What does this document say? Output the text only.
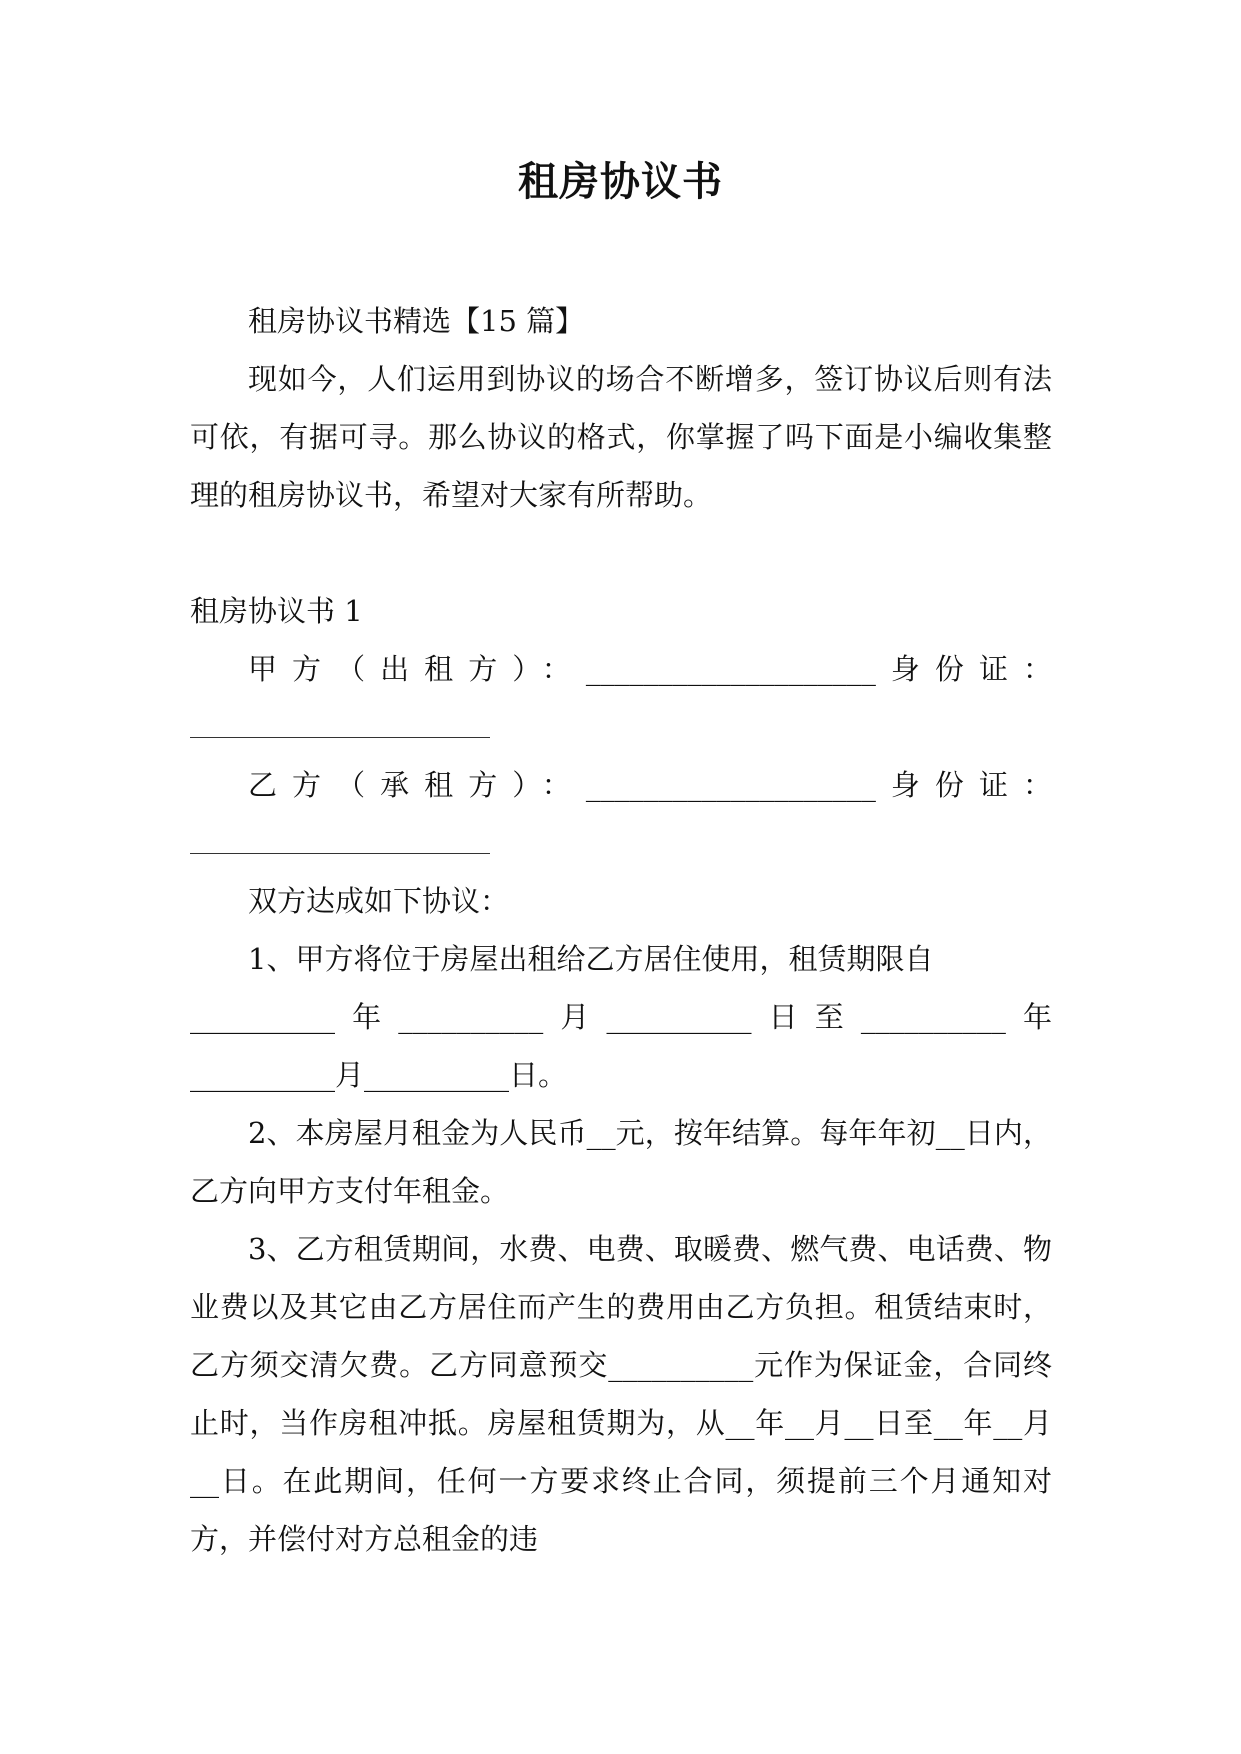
租房协议书

租房协议书精选【15 篇】

现如今，人们运用到协议的场合不断增多，签订协议后则有法可依，有据可寻。那么协议的格式，你掌握了吗下面是小编收集整理的租房协议书，希望对大家有所帮助。

租房协议书 1

甲方（出租方）：____________________身份证：

乙方（承租方）：____________________身份证：

双方达成如下协议：

1、甲方将位于房屋出租给乙方居住使用，租赁期限自

__________年__________月__________日至__________年

__________月__________日。

2、本房屋月租金为人民币__元，按年结算。每年年初__日内，乙方向甲方支付年租金。

3、乙方租赁期间，水费、电费、取暖费、燃气费、电话费、物业费以及其它由乙方居住而产生的费用由乙方负担。租赁结束时，乙方须交清欠费。乙方同意预交__________元作为保证金，合同终止时，当作房租冲抵。房屋租赁期为，从__年__月__日至__年__月__日。在此期间，任何一方要求终止合同，须提前三个月通知对方，并偿付对方总租金的违
